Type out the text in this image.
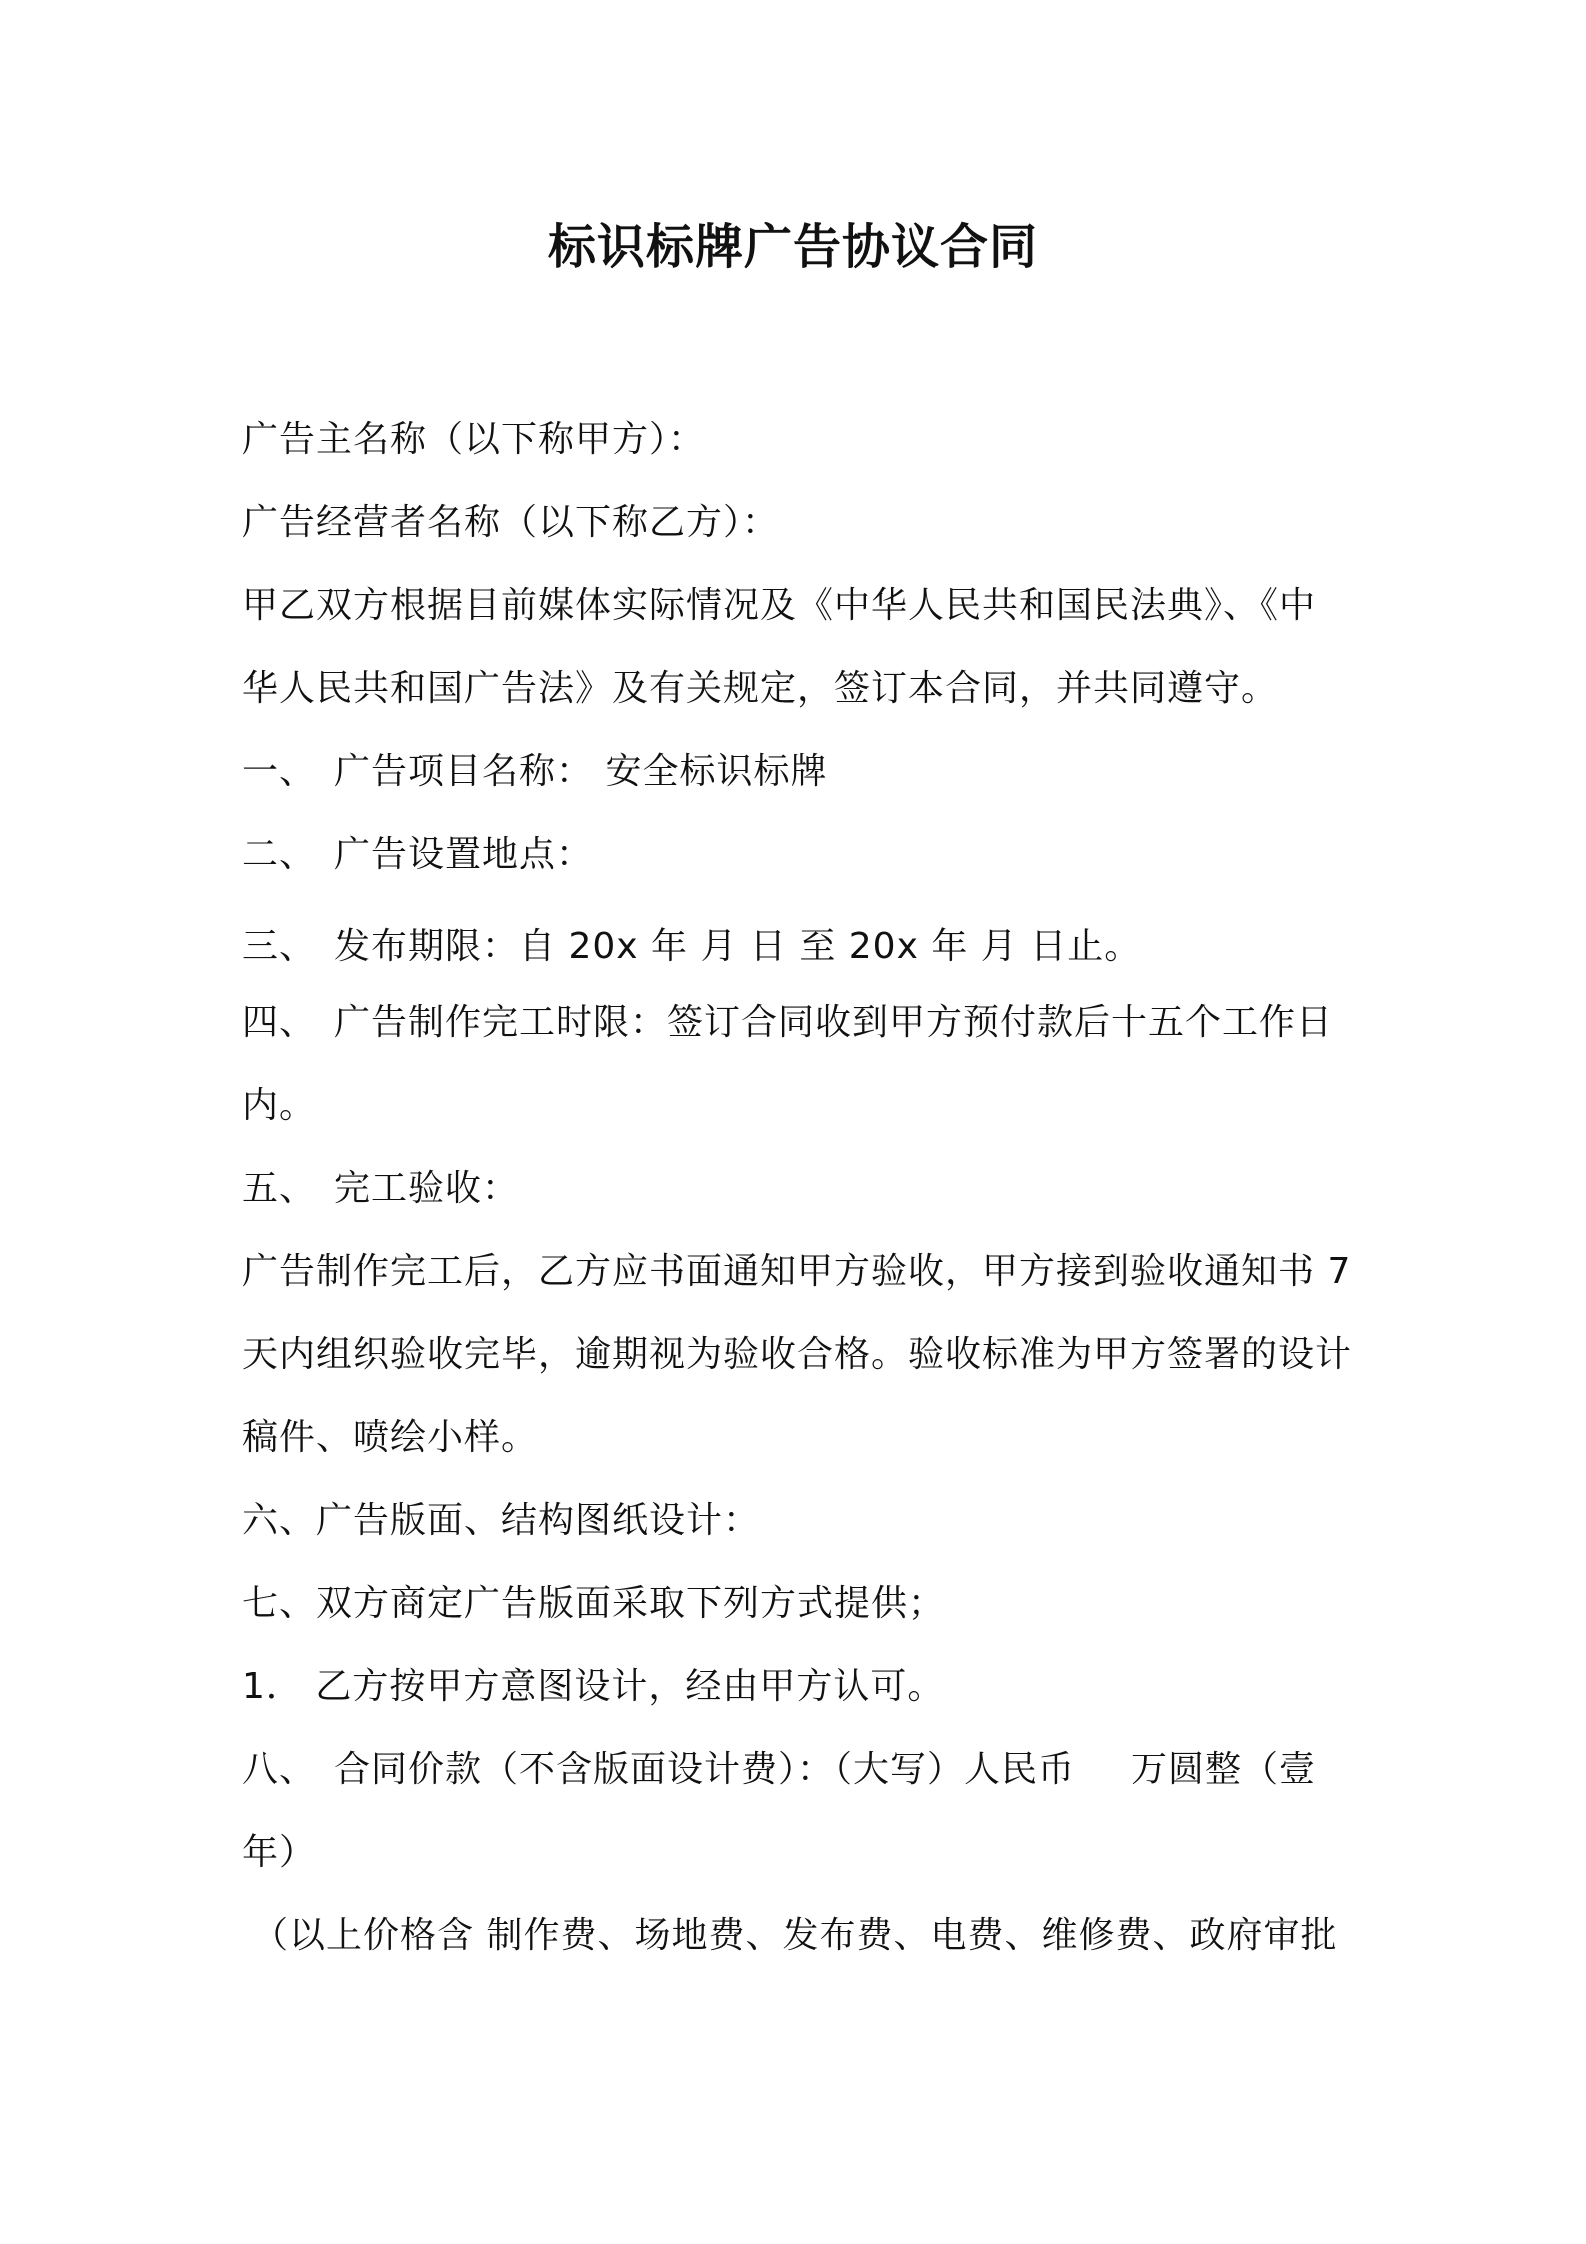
标识标牌广告协议合同
广告主名称（以下称甲方）：
广告经营者名称（以下称乙方）：
甲乙双方根据目前媒体实际情况及《中华人民共和国民法典》、《中
华人民共和国广告法》及有关规定，签订本合同，并共同遵守。
一、 广告项目名称： 安全标识标牌
二、 广告设置地点：
三、 发布期限：自 20x 年 月 日 至 20x 年 月 日止。
四、 广告制作完工时限：签订合同收到甲方预付款后十五个工作日
内。
五、 完工验收：
广告制作完工后，乙方应书面通知甲方验收，甲方接到验收通知书 7
天内组织验收完毕，逾期视为验收合格。验收标准为甲方签署的设计
稿件、喷绘小样。
六、广告版面、结构图纸设计：
七、双方商定广告版面采取下列方式提供；
1． 乙方按甲方意图设计，经由甲方认可。
八、 合同价款（不含版面设计费）：（大写）人民币 万圆整（壹
年）
（以上价格含 制作费、场地费、发布费、电费、维修费、政府审批
